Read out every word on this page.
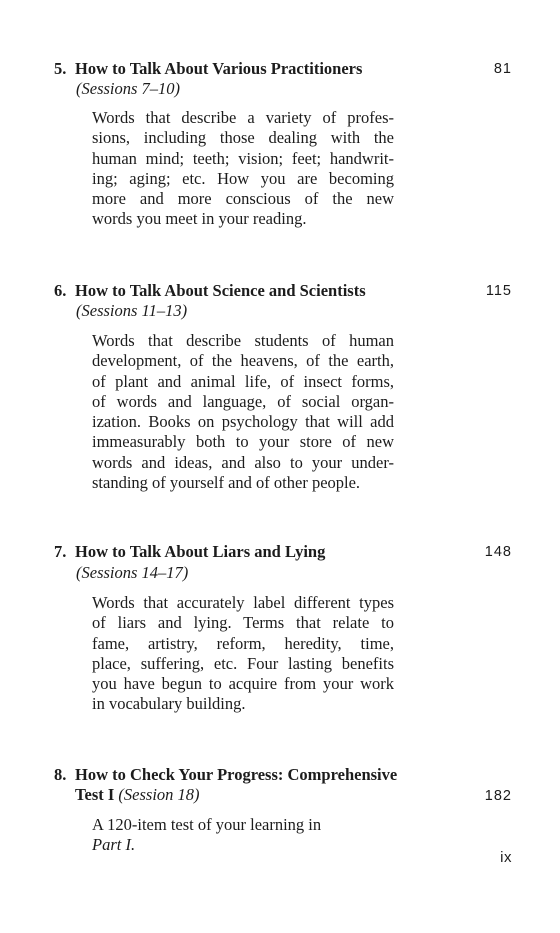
5. How to Talk About Various Practitioners	81
(Sessions 7–10)
Words that describe a variety of profes-
sions, including those dealing with the
human mind; teeth; vision; feet; handwrit-
ing; aging; etc. How you are becoming
more and more conscious of the new
words you meet in your reading.
6. How to Talk About Science and Scientists	115
(Sessions 11–13)
Words that describe students of human
development, of the heavens, of the earth,
of plant and animal life, of insect forms,
of words and language, of social organ-
ization. Books on psychology that will add
immeasurably both to your store of new
words and ideas, and also to your under-
standing of yourself and of other people.
7. How to Talk About Liars and Lying	148
(Sessions 14–17)
Words that accurately label different types
of liars and lying. Terms that relate to
fame, artistry, reform, heredity, time,
place, suffering, etc. Four lasting benefits
you have begun to acquire from your work
in vocabulary building.
8. How to Check Your Progress: Comprehensive
Test I (Session 18)	182
A 120-item test of your learning in
Part I.
ix
